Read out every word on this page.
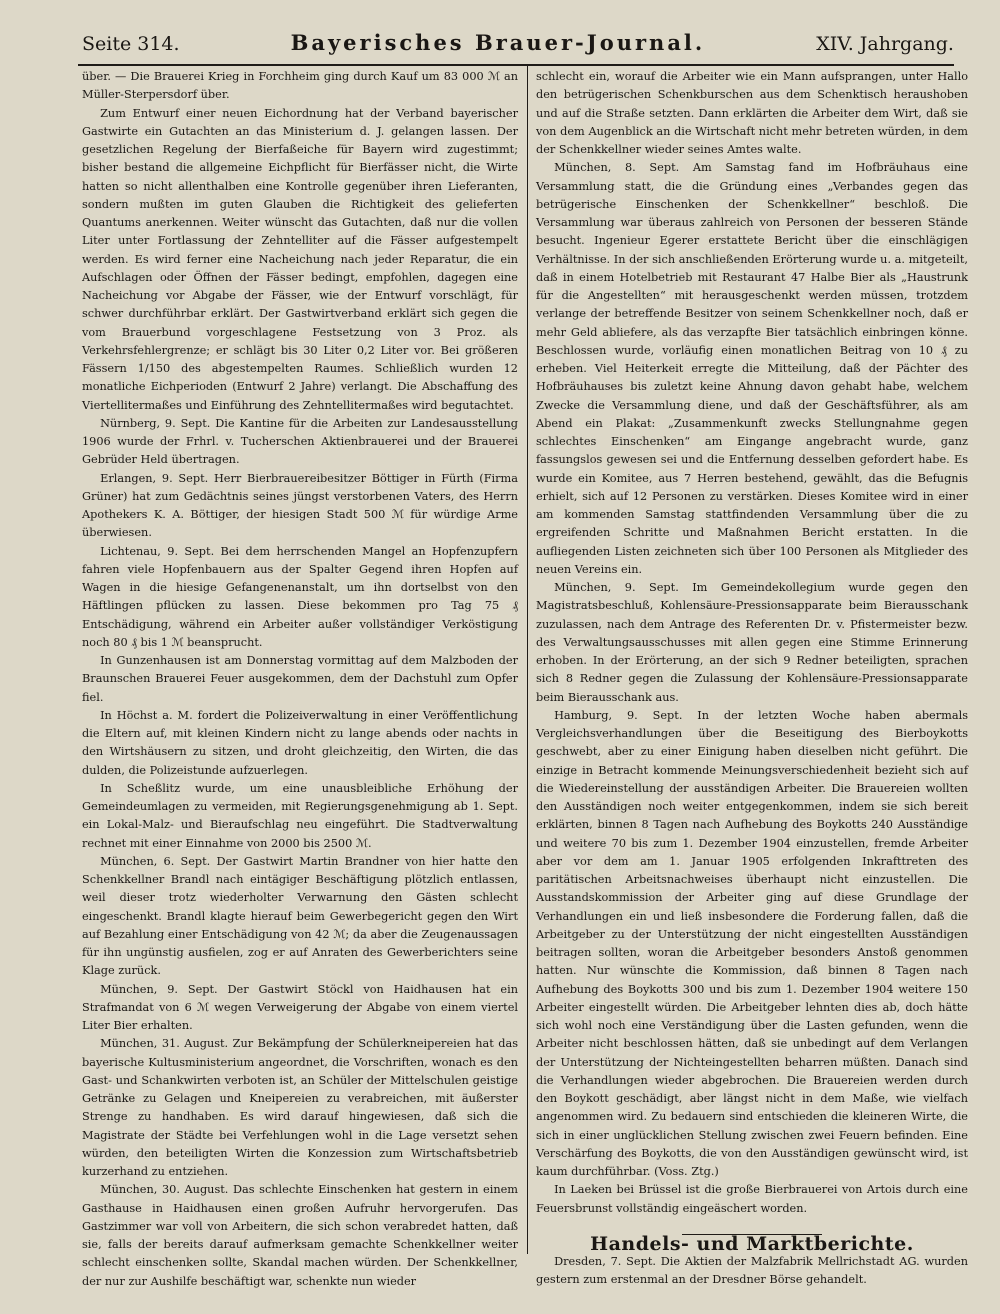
Seite 314.	Bayerisches Brauer-Journal.	XIV. Jahrgang.

über. — Die Brauerei Krieg in Forchheim ging durch Kauf um 83 000 ℳ an Müller-Sterpersdorf über.

Zum Entwurf einer neuen Eichordnung hat der Verband bayerischer Gastwirte ein Gutachten an das Ministerium d. J. gelangen lassen. Der gesetzlichen Regelung der Bierfaßeiche für Bayern wird zugestimmt; bisher bestand die allgemeine Eichpflicht für Bierfässer nicht, die Wirte hatten so nicht allenthalben eine Kontrolle gegenüber ihren Lieferanten, sondern mußten im guten Glauben die Richtigkeit des gelieferten Quantums anerkennen. Weiter wünscht das Gutachten, daß nur die vollen Liter unter Fortlassung der Zehntelliter auf die Fässer aufgestempelt werden. Es wird ferner eine Nacheichung nach jeder Reparatur, die ein Aufschlagen oder Öffnen der Fässer bedingt, empfohlen, dagegen eine Nacheichung vor Abgabe der Fässer, wie der Entwurf vorschlägt, für schwer durchführbar erklärt. Der Gastwirtverband erklärt sich gegen die vom Brauerbund vorgeschlagene Festsetzung von 3 Proz. als Verkehrsfehlergrenze; er schlägt bis 30 Liter 0,2 Liter vor. Bei größeren Fässern 1/150 des abgestempelten Raumes. Schließlich wurden 12 monatliche Eichperioden (Entwurf 2 Jahre) verlangt. Die Abschaffung des Viertellitermaßes und Einführung des Zehntellitermaßes wird begutachtet.

Nürnberg, 9. Sept. Die Kantine für die Arbeiten zur Landesausstellung 1906 wurde der Frhrl. v. Tucherschen Aktienbrauerei und der Brauerei Gebrüder Held übertragen.

Erlangen, 9. Sept. Herr Bierbrauereibesitzer Böttiger in Fürth (Firma Grüner) hat zum Gedächtnis seines jüngst verstorbenen Vaters, des Herrn Apothekers K. A. Böttiger, der hiesigen Stadt 500 ℳ für würdige Arme überwiesen.

Lichtenau, 9. Sept. Bei dem herrschenden Mangel an Hopfenzupfern fahren viele Hopfenbauern aus der Spalter Gegend ihren Hopfen auf Wagen in die hiesige Gefangenenanstalt, um ihn dortselbst von den Häftlingen pflücken zu lassen. Diese bekommen pro Tag 75 ₰ Entschädigung, während ein Arbeiter außer vollständiger Verköstigung noch 80 ₰ bis 1 ℳ beansprucht.

In Gunzenhausen ist am Donnerstag vormittag auf dem Malzboden der Braunschen Brauerei Feuer ausgekommen, dem der Dachstuhl zum Opfer fiel.

In Höchst a. M. fordert die Polizeiverwaltung in einer Veröffentlichung die Eltern auf, mit kleinen Kindern nicht zu lange abends oder nachts in den Wirtshäusern zu sitzen, und droht gleichzeitig, den Wirten, die das dulden, die Polizeistunde aufzuerlegen.

In Scheßlitz wurde, um eine unausbleibliche Erhöhung der Gemeindeumlagen zu vermeiden, mit Regierungsgenehmigung ab 1. Sept. ein Lokal-Malz- und Bieraufschlag neu eingeführt. Die Stadtverwaltung rechnet mit einer Einnahme von 2000 bis 2500 ℳ.

München, 6. Sept. Der Gastwirt Martin Brandner von hier hatte den Schenkkellner Brandl nach eintägiger Beschäftigung plötzlich entlassen, weil dieser trotz wiederholter Verwarnung den Gästen schlecht eingeschenkt. Brandl klagte hierauf beim Gewerbegericht gegen den Wirt auf Bezahlung einer Entschädigung von 42 ℳ; da aber die Zeugenaussagen für ihn ungünstig ausfielen, zog er auf Anraten des Gewerberichters seine Klage zurück.

München, 9. Sept. Der Gastwirt Stöckl von Haidhausen hat ein Strafmandat von 6 ℳ wegen Verweigerung der Abgabe von einem viertel Liter Bier erhalten.

München, 31. August. Zur Bekämpfung der Schülerkneipereien hat das bayerische Kultusministerium angeordnet, die Vorschriften, wonach es den Gast- und Schankwirten verboten ist, an Schüler der Mittelschulen geistige Getränke zu Gelagen und Kneipereien zu verabreichen, mit äußerster Strenge zu handhaben. Es wird darauf hingewiesen, daß sich die Magistrate der Städte bei Verfehlungen wohl in die Lage versetzt sehen würden, den beteiligten Wirten die Konzession zum Wirtschaftsbetrieb kurzerhand zu entziehen.

München, 30. August. Das schlechte Einschenken hat gestern in einem Gasthause in Haidhausen einen großen Aufruhr hervorgerufen. Das Gastzimmer war voll von Arbeitern, die sich schon verabredet hatten, daß sie, falls der bereits darauf aufmerksam gemachte Schenkkellner weiter schlecht einschenken sollte, Skandal machen würden. Der Schenkkellner, der nur zur Aushilfe beschäftigt war, schenkte nun wieder

schlecht ein, worauf die Arbeiter wie ein Mann aufsprangen, unter Hallo den betrügerischen Schenkburschen aus dem Schenktisch heraushoben und auf die Straße setzten. Dann erklärten die Arbeiter dem Wirt, daß sie von dem Augenblick an die Wirtschaft nicht mehr betreten würden, in dem der Schenkkellner wieder seines Amtes walte.

München, 8. Sept. Am Samstag fand im Hofbräuhaus eine Versammlung statt, die die Gründung eines „Verbandes gegen das betrügerische Einschenken der Schenkkellner“ beschloß. Die Versammlung war überaus zahlreich von Personen der besseren Stände besucht. Ingenieur Egerer erstattete Bericht über die einschlägigen Verhältnisse. In der sich anschließenden Erörterung wurde u. a. mitgeteilt, daß in einem Hotelbetrieb mit Restaurant 47 Halbe Bier als „Haustrunk für die Angestellten“ mit herausgeschenkt werden müssen, trotzdem verlange der betreffende Besitzer von seinem Schenkkellner noch, daß er mehr Geld abliefere, als das verzapfte Bier tatsächlich einbringen könne. Beschlossen wurde, vorläufig einen monatlichen Beitrag von 10 ₰ zu erheben. Viel Heiterkeit erregte die Mitteilung, daß der Pächter des Hofbräuhauses bis zuletzt keine Ahnung davon gehabt habe, welchem Zwecke die Versammlung diene, und daß der Geschäftsführer, als am Abend ein Plakat: „Zusammenkunft zwecks Stellungnahme gegen schlechtes Einschenken“ am Eingange angebracht wurde, ganz fassungslos gewesen sei und die Entfernung desselben gefordert habe. Es wurde ein Komitee, aus 7 Herren bestehend, gewählt, das die Befugnis erhielt, sich auf 12 Personen zu verstärken. Dieses Komitee wird in einer am kommenden Samstag stattfindenden Versammlung über die zu ergreifenden Schritte und Maßnahmen Bericht erstatten. In die aufliegenden Listen zeichneten sich über 100 Personen als Mitglieder des neuen Vereins ein.

München, 9. Sept. Im Gemeindekollegium wurde gegen den Magistratsbeschluß, Kohlensäure-Pressionsapparate beim Bierausschank zuzulassen, nach dem Antrage des Referenten Dr. v. Pfistermeister bezw. des Verwaltungsausschusses mit allen gegen eine Stimme Erinnerung erhoben. In der Erörterung, an der sich 9 Redner beteiligten, sprachen sich 8 Redner gegen die Zulassung der Kohlensäure-Pressionsapparate beim Bierausschank aus.

Hamburg, 9. Sept. In der letzten Woche haben abermals Vergleichsverhandlungen über die Beseitigung des Bierboykotts geschwebt, aber zu einer Einigung haben dieselben nicht geführt. Die einzige in Betracht kommende Meinungsverschiedenheit bezieht sich auf die Wiedereinstellung der ausständigen Arbeiter. Die Brauereien wollten den Ausständigen noch weiter entgegenkommen, indem sie sich bereit erklärten, binnen 8 Tagen nach Aufhebung des Boykotts 240 Ausständige und weitere 70 bis zum 1. Dezember 1904 einzustellen, fremde Arbeiter aber vor dem am 1. Januar 1905 erfolgenden Inkrafttreten des paritätischen Arbeitsnachweises überhaupt nicht einzustellen. Die Ausstandskommission der Arbeiter ging auf diese Grundlage der Verhandlungen ein und ließ insbesondere die Forderung fallen, daß die Arbeitgeber zu der Unterstützung der nicht eingestellten Ausständigen beitragen sollten, woran die Arbeitgeber besonders Anstoß genommen hatten. Nur wünschte die Kommission, daß binnen 8 Tagen nach Aufhebung des Boykotts 300 und bis zum 1. Dezember 1904 weitere 150 Arbeiter eingestellt würden. Die Arbeitgeber lehnten dies ab, doch hätte sich wohl noch eine Verständigung über die Lasten gefunden, wenn die Arbeiter nicht beschlossen hätten, daß sie unbedingt auf dem Verlangen der Unterstützung der Nichteingestellten beharren müßten. Danach sind die Verhandlungen wieder abgebrochen. Die Brauereien werden durch den Boykott geschädigt, aber längst nicht in dem Maße, wie vielfach angenommen wird. Zu bedauern sind entschieden die kleineren Wirte, die sich in einer unglücklichen Stellung zwischen zwei Feuern befinden. Eine Verschärfung des Boykotts, die von den Ausständigen gewünscht wird, ist kaum durchführbar. (Voss. Ztg.)

In Laeken bei Brüssel ist die große Bierbrauerei von Artois durch eine Feuersbrunst vollständig eingeäschert worden.

Handels- und Marktberichte.

Dresden, 7. Sept. Die Aktien der Malzfabrik Mellrichstadt AG. wurden gestern zum erstenmal an der Dresdner Börse gehandelt.
